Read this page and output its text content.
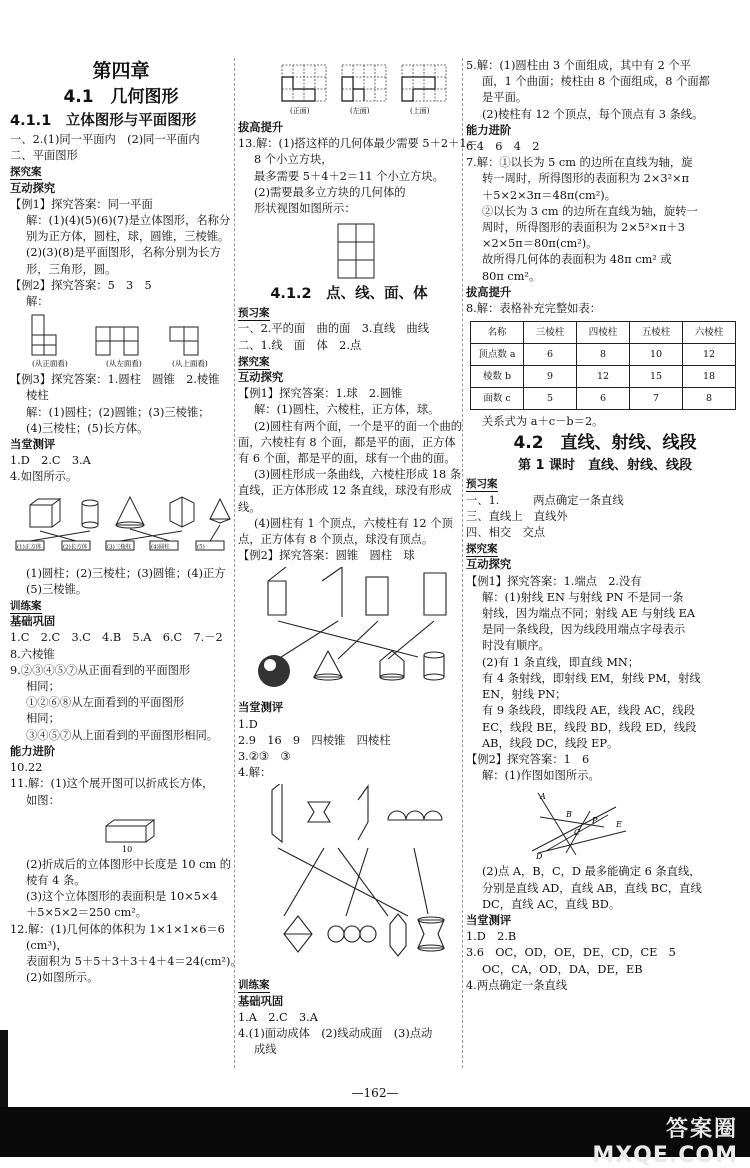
第四章
4.1　几何图形
4.1.1　立体图形与平面图形
一、2.(1)同一平面内　(2)同一平面内
二、平面图形
探究案
互动探究
【例1】探究答案：同一平面
解：(1)(4)(5)(6)(7)是立体图形，名称分
别为正方体，圆柱，球，圆锥，三棱锥。
(2)(3)(8)是平面图形，名称分别为长方
形，三角形，圆。
【例2】探究答案：5　3　5
解：
(从正面看)	(从左面看)	(从上面看)
【例3】探究答案：1.圆柱　圆锥　2.棱锥
棱柱
解：(1)圆柱；(2)圆锥；(3)三棱锥；
(4)三棱柱；(5)长方体。
当堂测评
1.D　2.C　3.A
4.如图所示。
(1)正方体	(2)长方体	(3)三棱柱	(4)圆柱	(5)
(1)圆柱；(2)三棱柱；(3)圆锥；(4)正方
(5)三棱锥。
训练案
基础巩固
1.C　2.C　3.C　4.B　5.A　6.C　7.－2
8.六棱锥
9.②③④⑤⑦从正面看到的平面图形
相同；
①②⑥⑧从左面看到的平面图形
相同；
③④⑤⑦从上面看到的平面图形相同。
能力进阶
10.22
11.解：(1)这个展开图可以折成长方体，
如图：
10
(2)折成后的立体图形中长度是 10 cm 的
棱有 4 条。
(3)这个立体图形的表面积是 10×5×4
＋5×5×2＝250 cm²。
12.解：(1)几何体的体积为 1×1×1×6＝6
(cm³)，
表面积为 5＋5＋3＋3＋4＋4＝24(cm²)。
(2)如图所示。
(正面)	(左面)	(上面)
拔高提升
13.解：(1)搭这样的几何体最少需要 5＋2＋1＝
8 个小立方块，
最多需要 5＋4＋2＝11 个小立方块。
(2)需要最多立方块的几何体的
形状视图如图所示：
4.1.2　点、线、面、体
预习案
一、2.平的面　曲的面　3.直线　曲线
二、1.线　面　体　2.点
探究案
互动探究
【例1】探究答案：1.球　2.圆锥
解：(1)圆柱，六棱柱，正方体，球。
(2)圆柱有两个面，一个是平的面一个曲的
面，六棱柱有 8 个面，都是平的面，正方体
有 6 个面，都是平的面，球有一个曲的面。
(3)圆柱形成一条曲线，六棱柱形成 18 条
直线，正方体形成 12 条直线，球没有形成
线。
(4)圆柱有 1 个顶点，六棱柱有 12 个顶
点，正方体有 8 个顶点，球没有顶点。
【例2】探究答案：圆锥　圆柱　球
当堂测评
1.D
2.9　16　9　四棱锥　四棱柱
3.②③　③
4.解：
训练案
基础巩固
1.A　2.C　3.A
4.(1)面动成体　(2)线动成面　(3)点动
成线
5.解：(1)圆柱由 3 个面组成，其中有 2 个平
面，1 个曲面；棱柱由 8 个面组成，8 个面都
是平面。
(2)棱柱有 12 个顶点，每个顶点有 3 条线。
能力进阶
6.4　6　4　2
7.解：①以长为 5 cm 的边所在直线为轴，旋
转一周时，所得图形的表面积为 2×3²×π
＋5×2×3π＝48π(cm²)。
②以长为 3 cm 的边所在直线为轴，旋转一
周时，所得图形的表面积为 2×5²×π＋3
×2×5π＝80π(cm²)。
故所得几何体的表面积为 48π cm² 或
80π cm²。
拔高提升
8.解：表格补充完整如表：
名称	三棱柱	四棱柱	五棱柱	六棱柱
顶点数 a	6	8	10	12
棱数 b	9	12	15	18
面数 c	5	6	7	8
关系式为 a＋c－b＝2。
4.2　直线、射线、线段
第 1 课时　直线、射线、线段
预习案
一、1.　　　两点确定一条直线
三、直线上　直线外
四、相交　交点
探究案
互动探究
【例1】探究答案：1.端点　2.没有
解：(1)射线 EN 与射线 PN 不是同一条
射线，因为端点不同；射线 AE 与射线 EA
是同一条线段，因为线段用端点字母表示
时没有顺序。
(2)有 1 条直线，即直线 MN；
有 4 条射线，即射线 EM，射线 PM，射线
EN，射线 PN；
有 9 条线段，即线段 AE，线段 AC，线段
EC，线段 BE，线段 BD，线段 ED，线段
AB，线段 DC，线段 EP。
【例2】探究答案：1　6
解：(1)作图如图所示。
A
B
C
D
E
P
(2)点 A，B，C，D 最多能确定 6 条直线，
分别是直线 AD，直线 AB，直线 BC，直线
DC，直线 AC，直线 BD。
当堂测评
1.D　2.B
3.6　OC，OD，OE，DE，CD，CE　5
OC，CA，OD，DA，DE，EB
4.两点确定一条直线
—162—
答案圈
MXQE.COM
